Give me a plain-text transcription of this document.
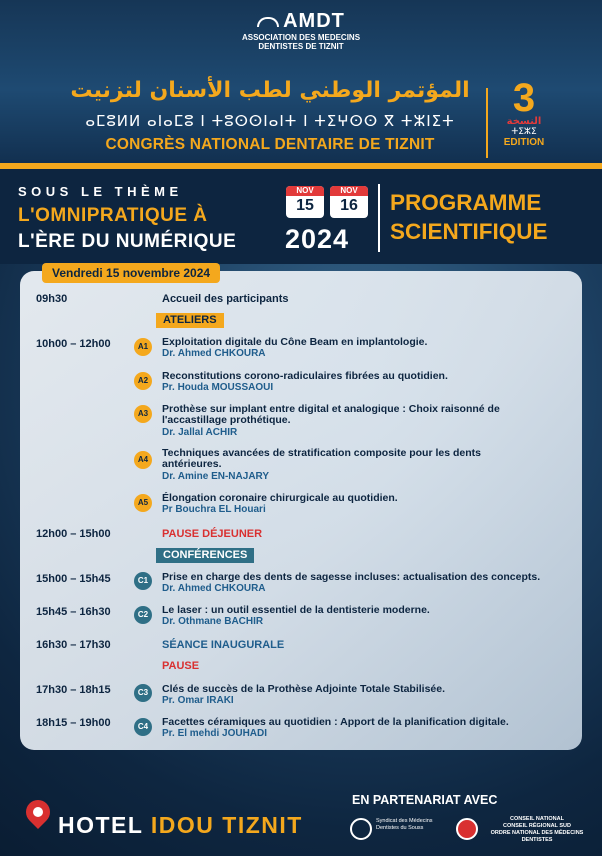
AMDT
ASSOCIATION DES MEDECINS
DENTISTES DE TIZNIT
المؤتمر الوطني لطب الأسنان لتزنيت
ⴰⵎⵓⵍⵍ ⴰⵏⴰⵎⵓ ⵏ ⵜⵓⵙⵙⵏⴰⵏⵜ ⵏ ⵜⵉⵖⵙⵙ ⴳ ⵜⵣⵏⵉⵜ
CONGRÈS NATIONAL DENTAIRE DE TIZNIT
3
النسخة
ⵜⵉⵣⵉ
EDITION
SOUS LE THÈME
L'OMNIPRATIQUE À
L'ÈRE DU NUMÉRIQUE
NOV
15
NOV
16
2024
PROGRAMME
SCIENTIFIQUE
Vendredi 15 novembre 2024
09h30	Accueil des participants
ATELIERS
10h00 – 12h00	A1	Exploitation digitale du Cône Beam en implantologie.
Dr. Ahmed CHKOURA
A2	Reconstitutions corono-radiculaires fibrées au quotidien.
Pr. Houda MOUSSAOUI
A3	Prothèse sur implant entre digital et analogique : Choix raisonné de
l'accastillage prothétique.
Dr. Jallal ACHIR
A4
Techniques avancées de stratification composite pour les dents
antérieures.
Dr. Amine EN-NAJARY
A5	Élongation coronaire chirurgicale au quotidien.
Pr Bouchra EL Houari
12h00 – 15h00	PAUSE DÉJEUNER
CONFÉRENCES
15h00 – 15h45	C1	Prise en charge des dents de sagesse incluses: actualisation des concepts.
Dr. Ahmed CHKOURA
15h45 – 16h30	C2	Le laser : un outil essentiel de la dentisterie moderne.
Dr. Othmane BACHIR
16h30 – 17h30	SÉANCE INAUGURALE
PAUSE
17h30 – 18h15	C3	Clés de succès de la Prothèse Adjointe Totale Stabilisée.
Pr. Omar IRAKI
18h15 – 19h00	C4	Facettes céramiques au quotidien : Apport de la planification digitale.
Pr. El mehdi JOUHADI
HOTEL IDOU TIZNIT
EN PARTENARIAT AVEC
Syndicat des Médecins Dentistes du Souss
CONSEIL NATIONAL
CONSEIL RÉGIONAL SUD
ORDRE NATIONAL DES MÉDECINS DENTISTES
